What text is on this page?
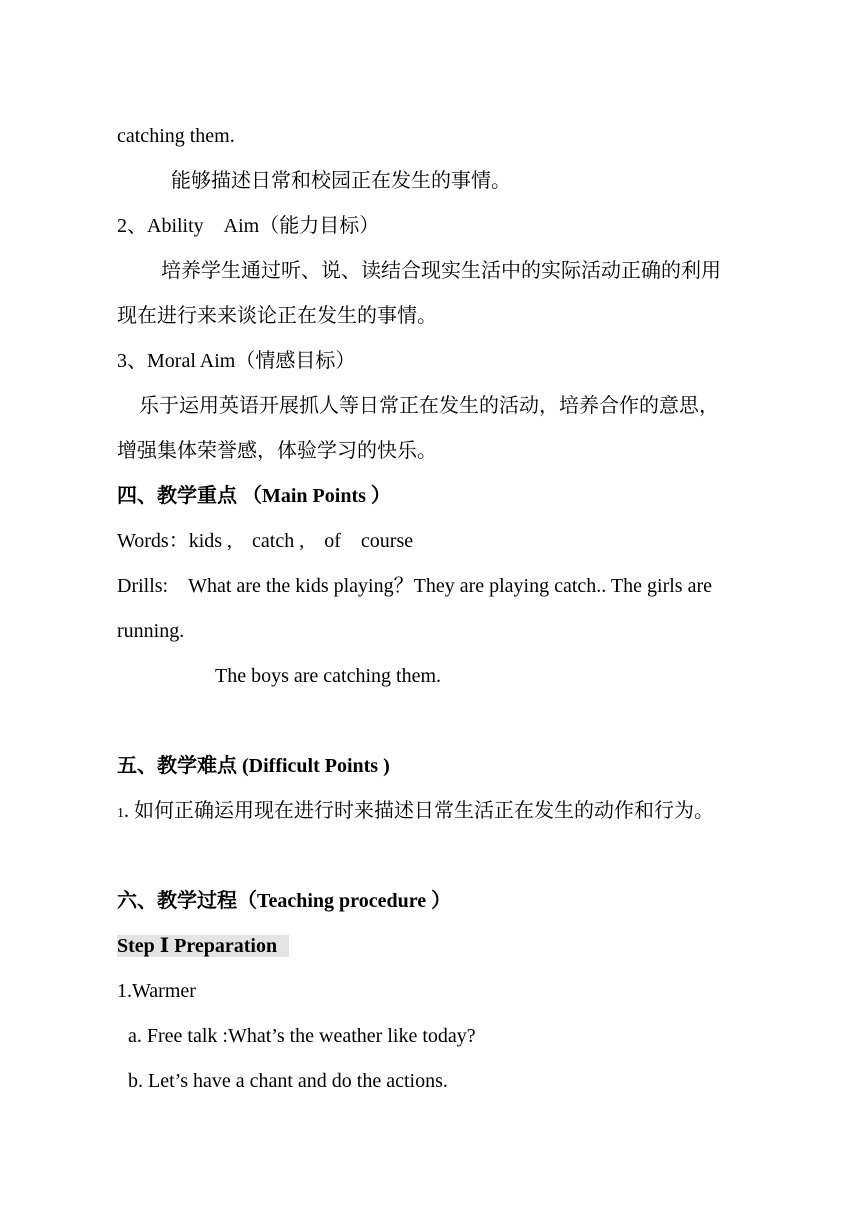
catching them.
能够描述日常和校园正在发生的事情。
2、Ability　Aim（能力目标）
培养学生通过听、说、读结合现实生活中的实际活动正确的利用
现在进行来来谈论正在发生的事情。
3、Moral Aim（情感目标）
乐于运用英语开展抓人等日常正在发生的活动，培养合作的意思，
增强集体荣誉感，体验学习的快乐。
四、教学重点 （Main Points ）
Words：kids ,　catch ,　of　course
Drills:　What are the kids playing？They are playing catch.. The girls are
running.
The boys are catching them.
五、教学难点 (Difficult Points )
1. 如何正确运用现在进行时来描述日常生活正在发生的动作和行为。
六、教学过程（Teaching procedure ）
Step Ⅰ Preparation
1.Warmer
a. Free talk :What’s the weather like today?
b. Let’s have a chant and do the actions.
